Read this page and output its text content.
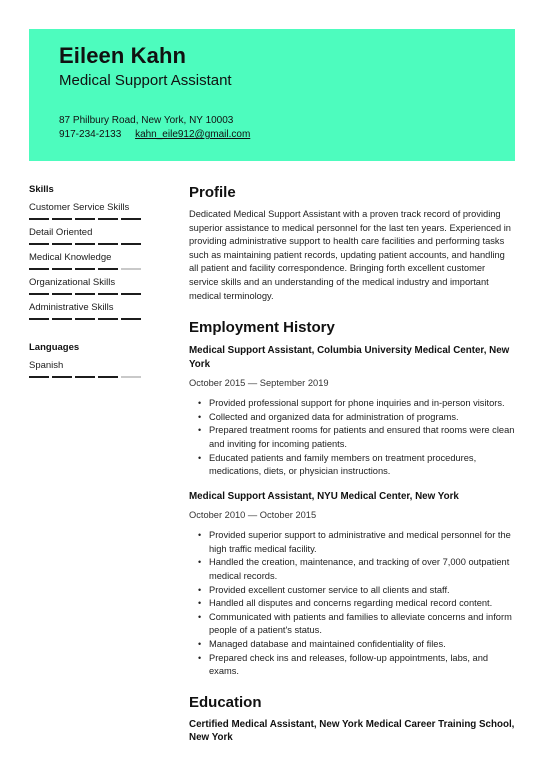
Eileen Kahn
Medical Support Assistant
87 Philbury Road, New York, NY 10003
917-234-2133 kahn_eile912@gmail.com
Skills
Customer Service Skills
Detail Oriented
Medical Knowledge
Organizational Skills
Administrative Skills
Languages
Spanish
Profile

Dedicated Medical Support Assistant with a proven track record of providing superior assistance to medical personnel for the last ten years. Experienced in providing administrative support to health care facilities and performing tasks such as maintaining patient records, updating patient accounts, and handling all patient and facility correspondence. Bringing forth excellent customer service skills and an understanding of the medical industry and important medical terminology.

Employment History

Medical Support Assistant, Columbia University Medical Center, New York

October 2015 — September 2019

• Provided professional support for phone inquiries and in-person visitors.
• Collected and organized data for administration of programs.
• Prepared treatment rooms for patients and ensured that rooms were clean and inviting for incoming patients.
• Educated patients and family members on treatment procedures, medications, diets, or physician instructions.

Medical Support Assistant, NYU Medical Center, New York

October 2010 — October 2015

• Provided superior support to administrative and medical personnel for the high traffic medical facility.
• Handled the creation, maintenance, and tracking of over 7,000 outpatient medical records.
• Provided excellent customer service to all clients and staff.
• Handled all disputes and concerns regarding medical record content.
• Communicated with patients and families to alleviate concerns and inform people of a patient's status.
• Managed database and maintained confidentiality of files.
• Prepared check ins and releases, follow-up appointments, labs, and exams.
Education

Certified Medical Assistant, New York Medical Career Training School, New York
